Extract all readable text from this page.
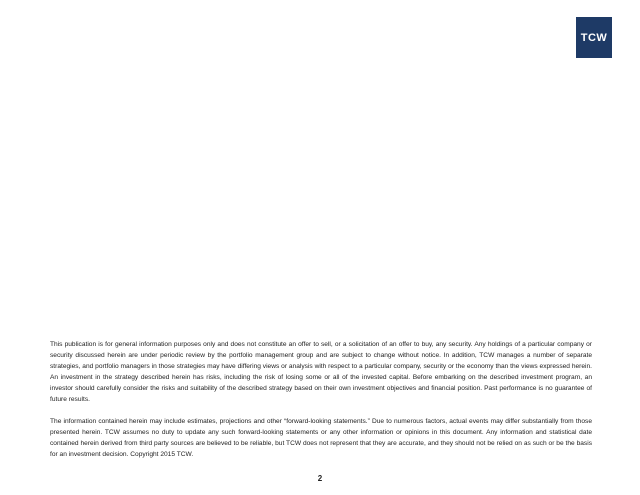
TCW

This publication is for general information purposes only and does not constitute an offer to sell, or a solicitation of an offer to buy, any security. Any holdings of a particular company or security discussed herein are under periodic review by the portfolio management group and are subject to change without notice. In addition, TCW manages a number of separate strategies, and portfolio managers in those strategies may have differing views or analysis with respect to a particular company, security or the economy than the views expressed herein. An investment in the strategy described herein has risks, including the risk of losing some or all of the invested capital. Before embarking on the described investment program, an investor should carefully consider the risks and suitability of the described strategy based on their own investment objectives and financial position. Past performance is no guarantee of future results.

The information contained herein may include estimates, projections and other “forward-looking statements.” Due to numerous factors, actual events may differ substantially from those presented herein. TCW assumes no duty to update any such forward-looking statements or any other information or opinions in this document. Any information and statistical date contained herein derived from third party sources are believed to be reliable, but TCW does not represent that they are accurate, and they should not be relied on as such or be the basis for an investment decision. Copyright 2015 TCW.

2
